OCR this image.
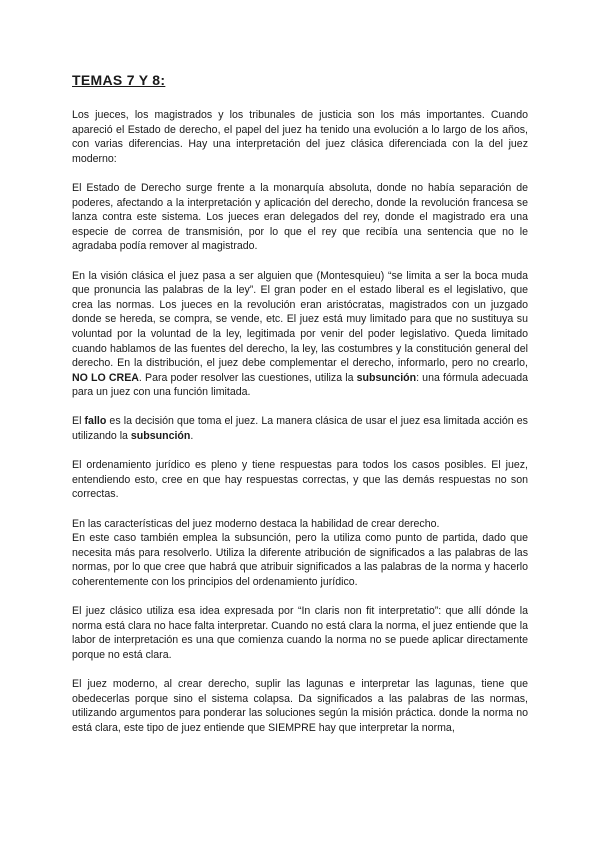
TEMAS 7 Y 8:

Los jueces, los magistrados y los tribunales de justicia son los más importantes. Cuando apareció el Estado de derecho, el papel del juez ha tenido una evolución a lo largo de los años, con varias diferencias. Hay una interpretación del juez clásica diferenciada con la del juez moderno:

El Estado de Derecho surge frente a la monarquía absoluta, donde no había separación de poderes, afectando a la interpretación y aplicación del derecho, donde la revolución francesa se lanza contra este sistema. Los jueces eran delegados del rey, donde el magistrado era una especie de correa de transmisión, por lo que el rey que recibía una sentencia que no le agradaba podía remover al magistrado.

En la visión clásica el juez pasa a ser alguien que (Montesquieu) “se limita a ser la boca muda que pronuncia las palabras de la ley”. El gran poder en el estado liberal es el legislativo, que crea las normas. Los jueces en la revolución eran aristócratas, magistrados con un juzgado donde se hereda, se compra, se vende, etc. El juez está muy limitado para que no sustituya su voluntad por la voluntad de la ley, legitimada por venir del poder legislativo. Queda limitado cuando hablamos de las fuentes del derecho, la ley, las costumbres y la constitución general del derecho. En la distribución, el juez debe complementar el derecho, informarlo, pero no crearlo, NO LO CREA. Para poder resolver las cuestiones, utiliza la subsunción: una fórmula adecuada para un juez con una función limitada.

El fallo es la decisión que toma el juez. La manera clásica de usar el juez esa limitada acción es utilizando la subsunción.

El ordenamiento jurídico es pleno y tiene respuestas para todos los casos posibles. El juez, entendiendo esto, cree en que hay respuestas correctas, y que las demás respuestas no son correctas.

En las características del juez moderno destaca la habilidad de crear derecho.
En este caso también emplea la subsunción, pero la utiliza como punto de partida, dado que necesita más para resolverlo. Utiliza la diferente atribución de significados a las palabras de las normas, por lo que cree que habrá que atribuir significados a las palabras de la norma y hacerlo coherentemente con los principios del ordenamiento jurídico.

El juez clásico utiliza esa idea expresada por “In claris non fit interpretatio”: que allí dónde la norma está clara no hace falta interpretar. Cuando no está clara la norma, el juez entiende que la labor de interpretación es una que comienza cuando la norma no se puede aplicar directamente porque no está clara.

El juez moderno, al crear derecho, suplir las lagunas e interpretar las lagunas, tiene que obedecerlas porque sino el sistema colapsa. Da significados a las palabras de las normas, utilizando argumentos para ponderar las soluciones según la misión práctica. donde la norma no está clara, este tipo de juez entiende que SIEMPRE hay que interpretar la norma,
